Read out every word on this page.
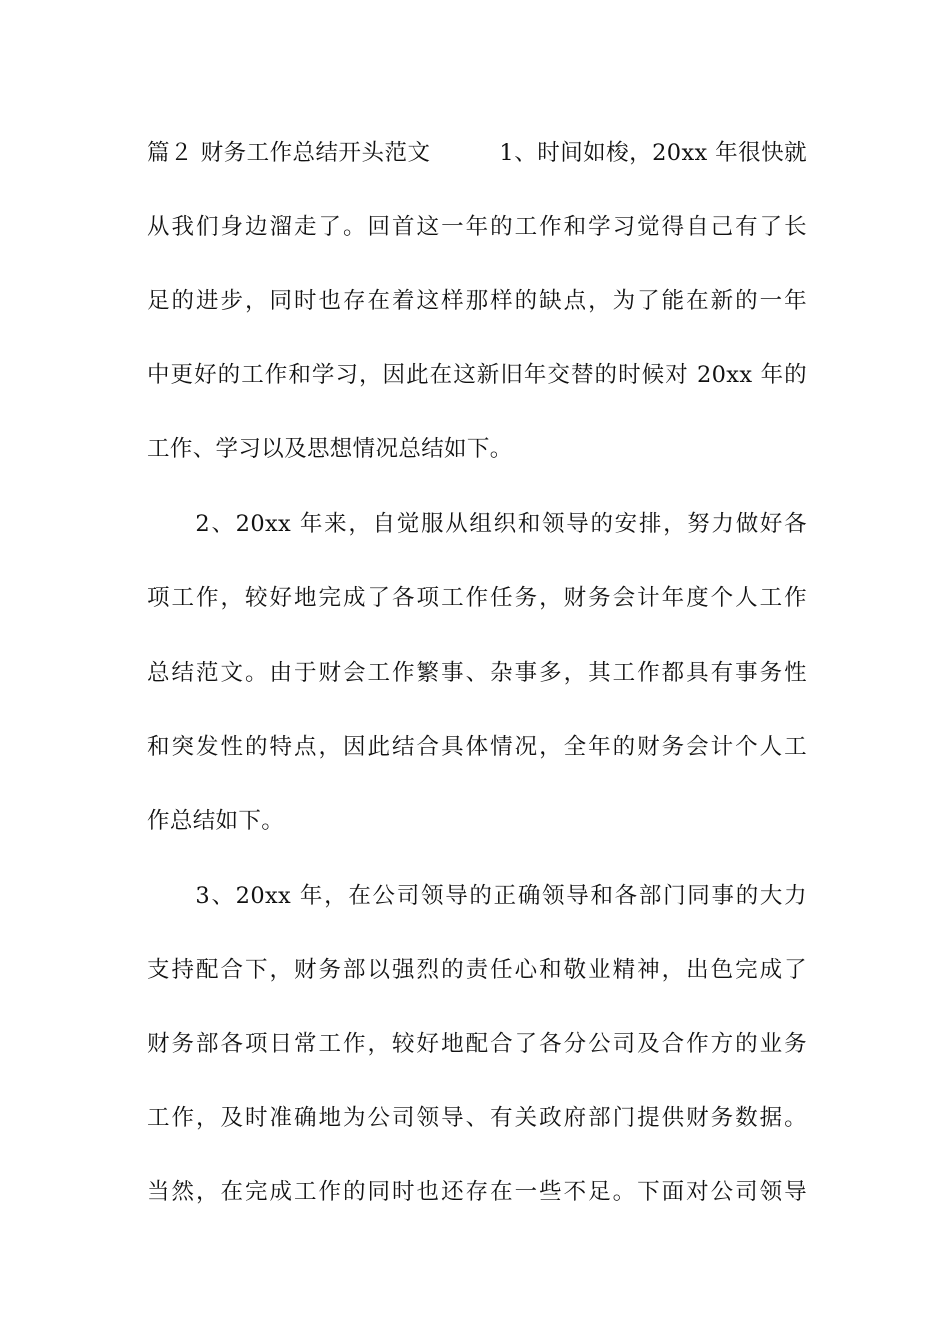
篇２ 财务工作总结开头范文　　　1、时间如梭，20xx 年很快就
从我们身边溜走了。回首这一年的工作和学习觉得自己有了长
足的进步，同时也存在着这样那样的缺点，为了能在新的一年
中更好的工作和学习，因此在这新旧年交替的时候对 20xx 年的
工作、学习以及思想情况总结如下。
　　2、20xx 年来，自觉服从组织和领导的安排，努力做好各
项工作，较好地完成了各项工作任务，财务会计年度个人工作
总结范文。由于财会工作繁事、杂事多，其工作都具有事务性
和突发性的特点，因此结合具体情况，全年的财务会计个人工
作总结如下。
　　3、20xx 年，在公司领导的正确领导和各部门同事的大力
支持配合下，财务部以强烈的责任心和敬业精神，出色完成了
财务部各项日常工作，较好地配合了各分公司及合作方的业务
工作，及时准确地为公司领导、有关政府部门提供财务数据。
当然，在完成工作的同时也还存在一些不足。下面对公司领导
